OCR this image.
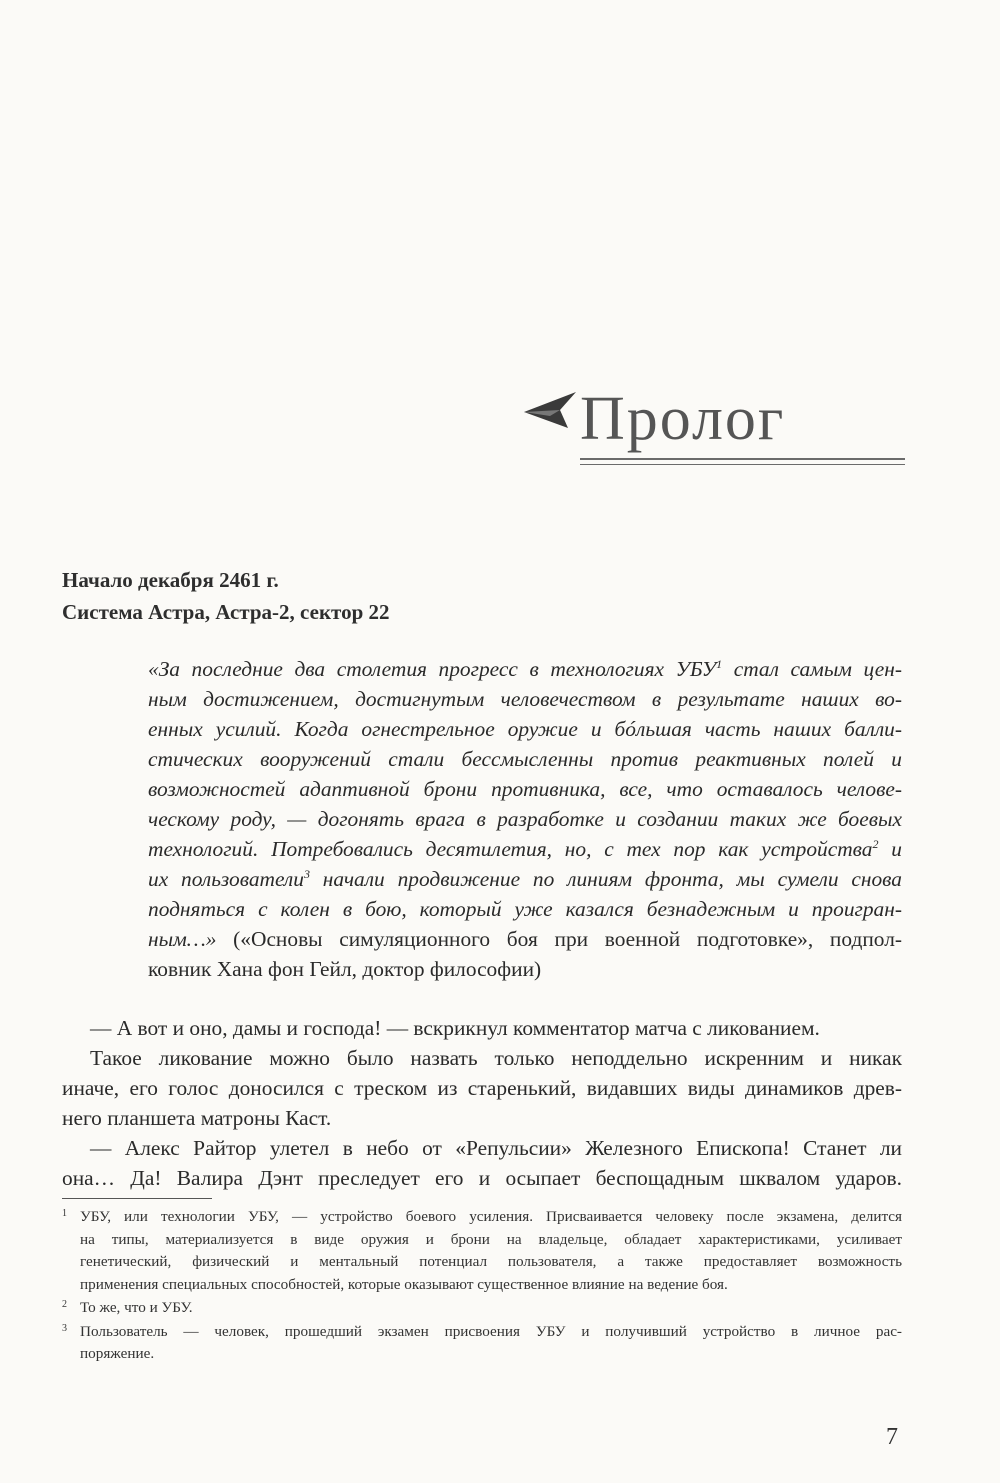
Пролог
Начало декабря 2461 г.
Система Астра, Астра-2, сектор 22
«За последние два столетия прогресс в технологиях УБУ$^1$ стал самым цен-
ным достижением, достигнутым человечеством в результате наших во-
енных усилий. Когда огнестрельное оружие и бóльшая часть наших балли-
стических вооружений стали бессмысленны против реактивных полей и
возможностей адаптивной брони противника, все, что оставалось челове-
ческому роду, — догонять врага в разработке и создании таких же боевых
технологий. Потребовались десятилетия, но, с тех пор как устройства$^2$ и
их пользователи$^3$ начали продвижение по линиям фронта, мы сумели снова
подняться с колен в бою, который уже казался безнадежным и проигран-
ным…» («Основы симуляционного боя при военной подготовке», подпол-
ковник Хана фон Гейл, доктор философии)
— А вот и оно, дамы и господа! — вскрикнул комментатор матча с ликованием.
Такое ликование можно было назвать только неподдельно искренним и никак
иначе, его голос доносился с треском из старенький, видавших виды динамиков древ-
него планшета матроны Каст.
— Алекс Райтор улетел в небо от «Репульсии» Железного Епископа! Станет ли
она… Да! Валира Дэнт преследует его и осыпает беспощадным шквалом ударов.
1 УБУ, или технологии УБУ, — устройство боевого усиления. Присваивается человеку после экзамена, делится
на типы, материализуется в виде оружия и брони на владельце, обладает характеристиками, усиливает
генетический, физический и ментальный потенциал пользователя, а также предоставляет возможность
применения специальных способностей, которые оказывают существенное влияние на ведение боя.
2 То же, что и УБУ.
3 Пользователь — человек, прошедший экзамен присвоения УБУ и получивший устройство в личное рас-
поряжение.
7
